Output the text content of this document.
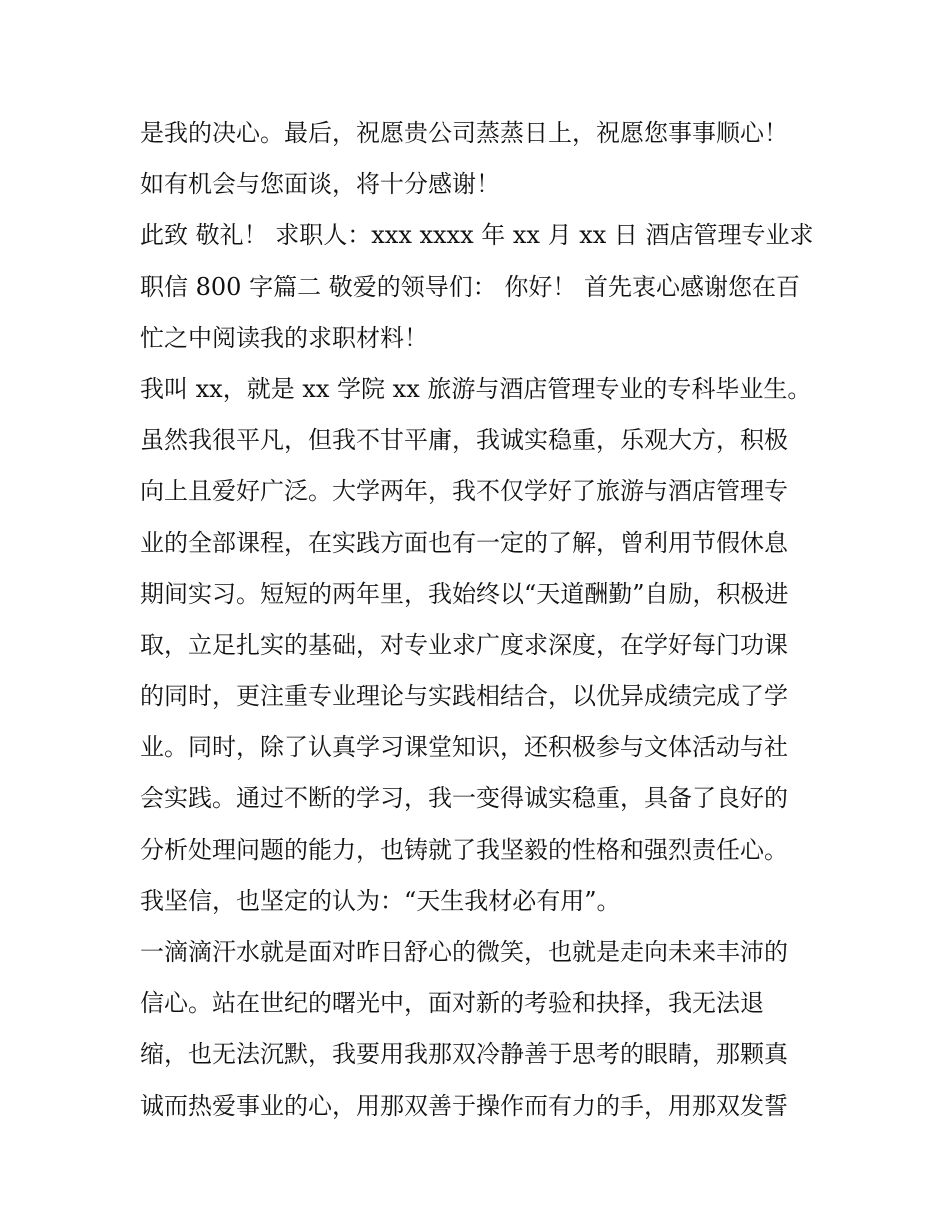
是我的决心。最后，祝愿贵公司蒸蒸日上，祝愿您事事顺心！
如有机会与您面谈，将十分感谢！
此致 敬礼！ 求职人：xxx xxxx 年 xx 月 xx 日 酒店管理专业求
职信 800 字篇二 敬爱的领导们： 你好！ 首先衷心感谢您在百
忙之中阅读我的求职材料！
我叫 xx，就是 xx 学院 xx 旅游与酒店管理专业的专科毕业生。
虽然我很平凡，但我不甘平庸，我诚实稳重，乐观大方，积极
向上且爱好广泛。大学两年，我不仅学好了旅游与酒店管理专
业的全部课程，在实践方面也有一定的了解，曾利用节假休息
期间实习。短短的两年里，我始终以“天道酬勤”自励，积极进
取，立足扎实的基础，对专业求广度求深度，在学好每门功课
的同时，更注重专业理论与实践相结合，以优异成绩完成了学
业。同时，除了认真学习课堂知识，还积极参与文体活动与社
会实践。通过不断的学习，我一变得诚实稳重，具备了良好的
分析处理问题的能力，也铸就了我坚毅的性格和强烈责任心。
我坚信，也坚定的认为：“天生我材必有用”。
一滴滴汗水就是面对昨日舒心的微笑，也就是走向未来丰沛的
信心。站在世纪的曙光中，面对新的考验和抉择，我无法退
缩，也无法沉默，我要用我那双冷静善于思考的眼睛，那颗真
诚而热爱事业的心，用那双善于操作而有力的手，用那双发誓
